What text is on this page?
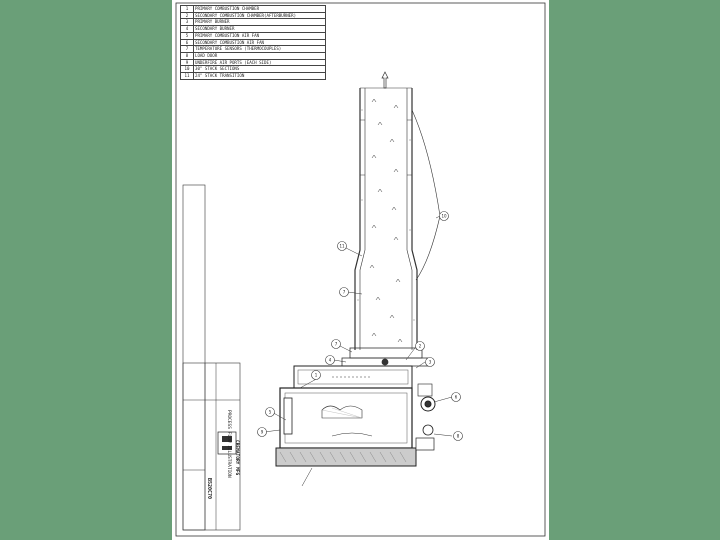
11
7
10
7
4
1
2
3
5
6
8
9
1	PRIMARY COMBUSTION CHAMBER
2	SECONDARY COMBUSTION CHAMBER(AFTERBURNER)
3	PRIMARY BURNER
4	SECONDARY BURNER
5	PRIMARY COMBUSTION AIR FAN
6	SECONDARY COMBUSTION AIR FAN
7	TEMPERATURE SENSORS (THERMOCOUPLES)
8	LOAD DOOR
9	UNDERFIRE AIR PORTS (EACH SIDE)
10	30" STACK SECTIONS
11	24" STACK TRANSITION
CREMATORY MFG
PROCESS FLOW ILLUSTRATION
B520C70
